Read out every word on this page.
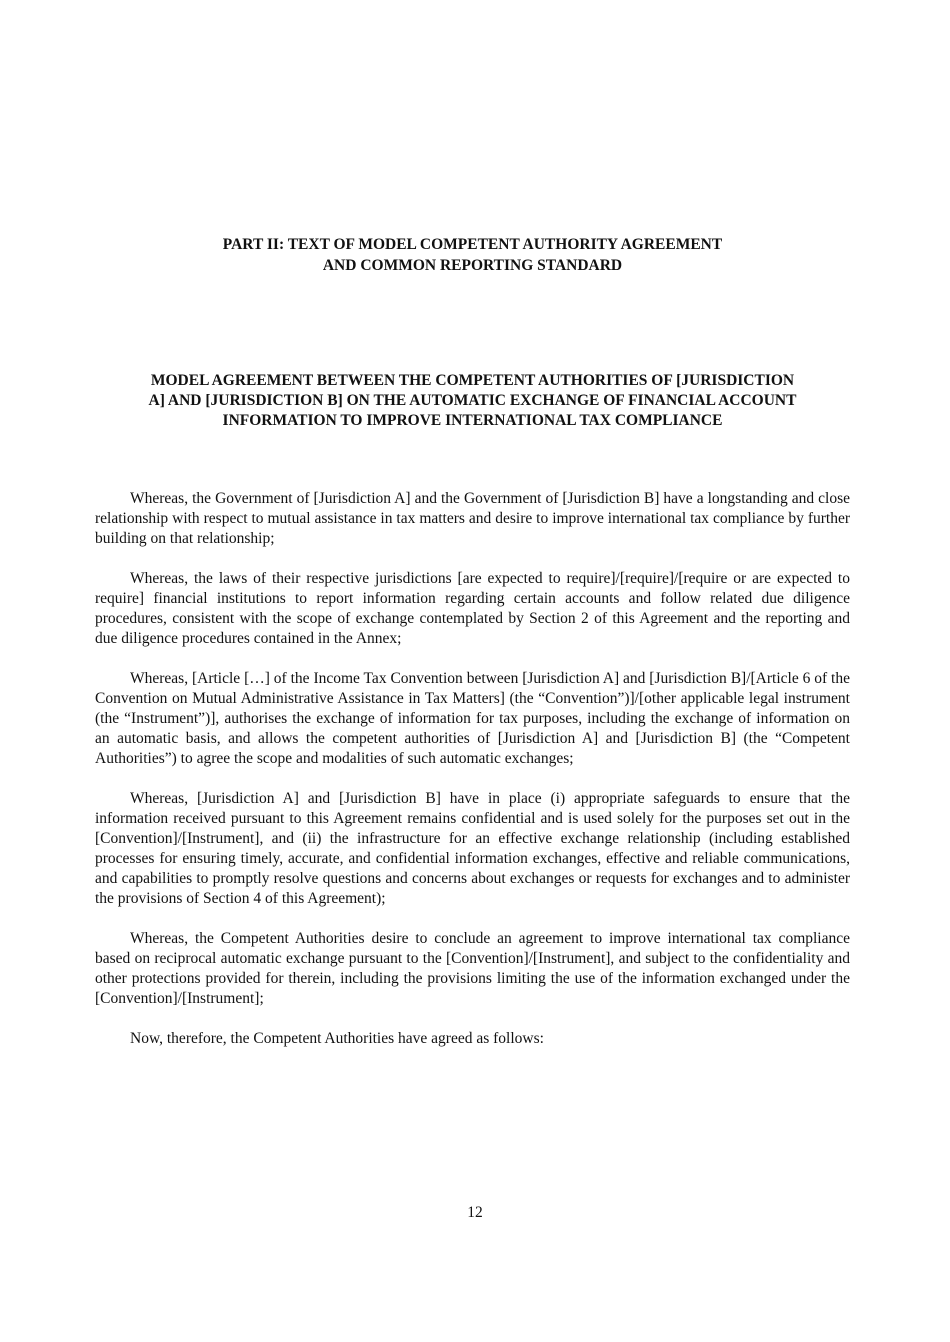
PART II: TEXT OF MODEL COMPETENT AUTHORITY AGREEMENT
AND COMMON REPORTING STANDARD
MODEL AGREEMENT BETWEEN THE COMPETENT AUTHORITIES OF [JURISDICTION
A] AND [JURISDICTION B] ON THE AUTOMATIC EXCHANGE OF FINANCIAL ACCOUNT
INFORMATION TO IMPROVE INTERNATIONAL TAX COMPLIANCE

Whereas, the Government of [Jurisdiction A] and the Government of [Jurisdiction B] have a longstanding and close relationship with respect to mutual assistance in tax matters and desire to improve international tax compliance by further building on that relationship;

Whereas, the laws of their respective jurisdictions [are expected to require]/[require]/[require or are expected to require] financial institutions to report information regarding certain accounts and follow related due diligence procedures, consistent with the scope of exchange contemplated by Section 2 of this Agreement and the reporting and due diligence procedures contained in the Annex;

Whereas, [Article […] of the Income Tax Convention between [Jurisdiction A] and [Jurisdiction B]/[Article 6 of the Convention on Mutual Administrative Assistance in Tax Matters] (the “Convention”)]/[other applicable legal instrument (the “Instrument”)], authorises the exchange of information for tax purposes, including the exchange of information on an automatic basis, and allows the competent authorities of [Jurisdiction A] and [Jurisdiction B] (the “Competent Authorities”) to agree the scope and modalities of such automatic exchanges;

Whereas, [Jurisdiction A] and [Jurisdiction B] have in place (i) appropriate safeguards to ensure that the information received pursuant to this Agreement remains confidential and is used solely for the purposes set out in the [Convention]/[Instrument], and (ii) the infrastructure for an effective exchange relationship (including established processes for ensuring timely, accurate, and confidential information exchanges, effective and reliable communications, and capabilities to promptly resolve questions and concerns about exchanges or requests for exchanges and to administer the provisions of Section 4 of this Agreement);

Whereas, the Competent Authorities desire to conclude an agreement to improve international tax compliance based on reciprocal automatic exchange pursuant to the [Convention]/[Instrument], and subject to the confidentiality and other protections provided for therein, including the provisions limiting the use of the information exchanged under the [Convention]/[Instrument];

Now, therefore, the Competent Authorities have agreed as follows:

12
